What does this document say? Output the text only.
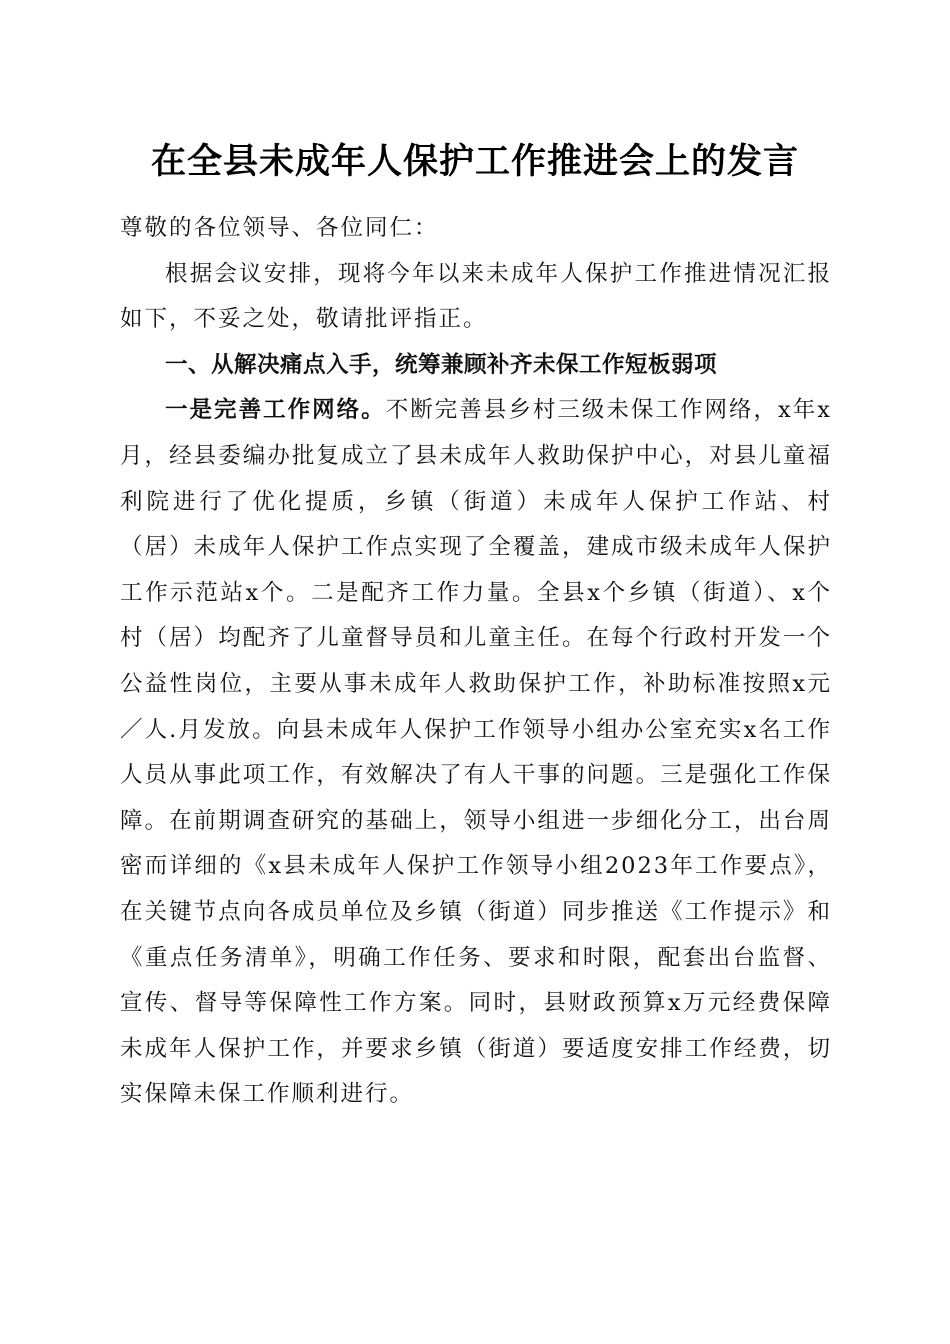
在全县未成年人保护工作推进会上的发言

尊敬的各位领导、各位同仁：

根据会议安排，现将今年以来未成年人保护工作推进情况汇报如下，不妥之处，敬请批评指正。

一、从解决痛点入手，统筹兼顾补齐未保工作短板弱项

一是完善工作网络。不断完善县乡村三级未保工作网络，x年x月，经县委编办批复成立了县未成年人救助保护中心，对县儿童福利院进行了优化提质，乡镇（街道）未成年人保护工作站、村（居）未成年人保护工作点实现了全覆盖，建成市级未成年人保护工作示范站x个。二是配齐工作力量。全县x个乡镇（街道）、x个村（居）均配齐了儿童督导员和儿童主任。在每个行政村开发一个公益性岗位，主要从事未成年人救助保护工作，补助标准按照x元／人.月发放。向县未成年人保护工作领导小组办公室充实x名工作人员从事此项工作，有效解决了有人干事的问题。三是强化工作保障。在前期调查研究的基础上，领导小组进一步细化分工，出台周密而详细的《x县未成年人保护工作领导小组2023年工作要点》，在关键节点向各成员单位及乡镇（街道）同步推送《工作提示》和《重点任务清单》，明确工作任务、要求和时限，配套出台监督、宣传、督导等保障性工作方案。同时，县财政预算x万元经费保障未成年人保护工作，并要求乡镇（街道）要适度安排工作经费，切实保障未保工作顺利进行。
